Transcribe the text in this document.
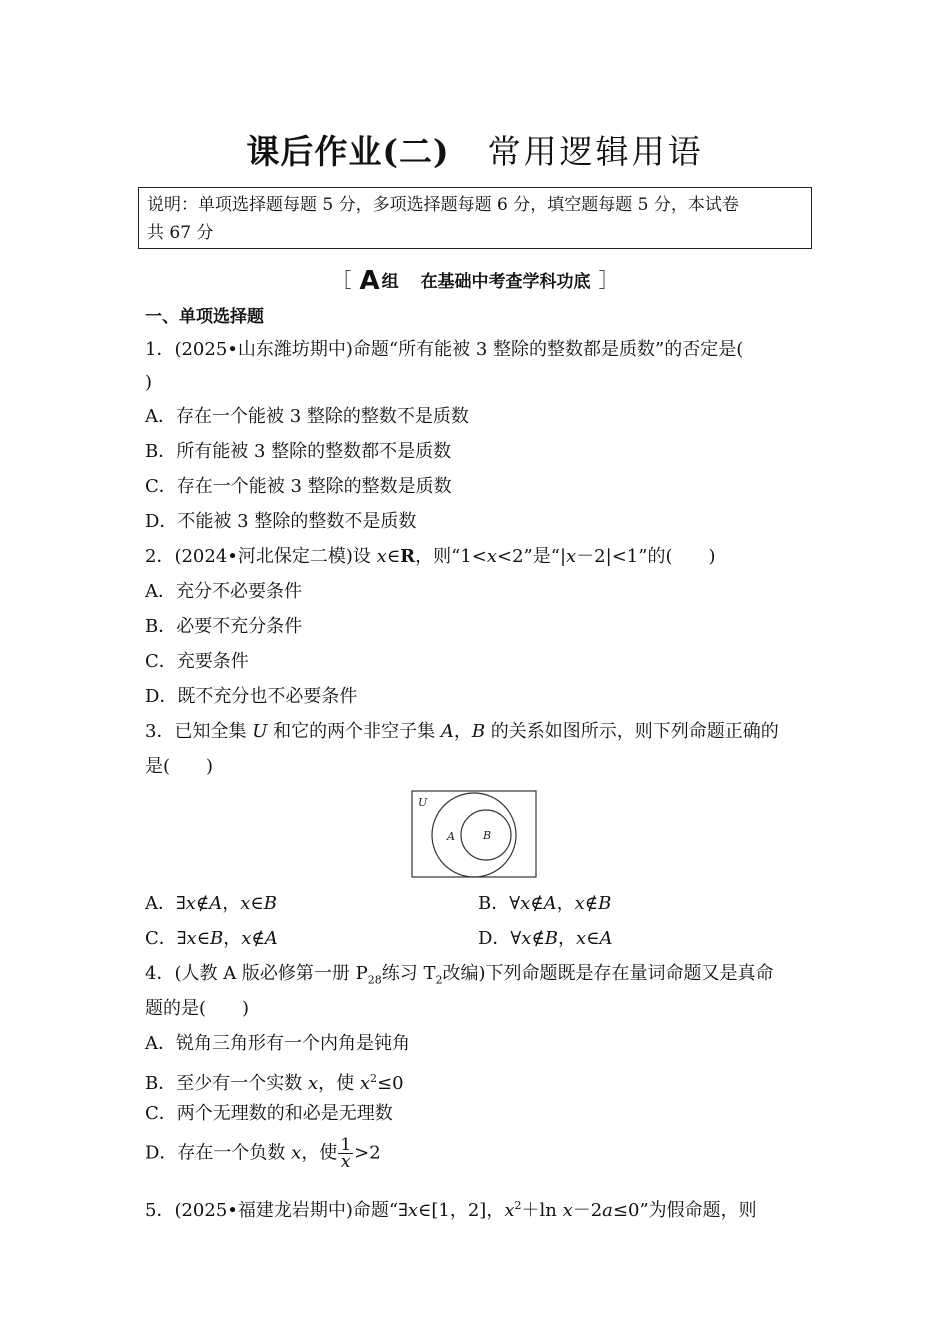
课后作业(二) 常用逻辑用语
说明：单项选择题每题 5 分，多项选择题每题 6 分，填空题每题 5 分，本试卷
共 67 分
［ A 组 在基础中考查学科功底 ］
一、单项选择题
1．(2025•山东潍坊期中)命题“所有能被 3 整除的整数都是质数”的否定是(
)
A．存在一个能被 3 整除的整数不是质数
B．所有能被 3 整除的整数都不是质数
C．存在一个能被 3 整除的整数是质数
D．不能被 3 整除的整数不是质数
2．(2024•河北保定二模)设 x∈R，则“1<x<2”是“|x－2|<1”的(　　)
A．充分不必要条件
B．必要不充分条件
C．充要条件
D．既不充分也不必要条件
3．已知全集 U 和它的两个非空子集 A，B 的关系如图所示，则下列命题正确的
是(　　)
U
A	B
A．∃x∉A，x∈B	B．∀x∉A，x∉B
C．∃x∈B，x∉A	D．∀x∉B，x∈A
4．(人教 A 版必修第一册 $P_{28}$练习 $T_2$改编)下列命题既是存在量词命题又是真命
题的是(　　)
A．锐角三角形有一个内角是钝角
B．至少有一个实数 x，使 $x^2\le 0$
C．两个无理数的和必是无理数
D．存在一个负数 x，使 $\frac{1}{x} >2$
5．(2025•福建龙岩期中)命题“∃x∈[1，2]，$x^2+\ln$ x－2a≤0”为假命题，则
